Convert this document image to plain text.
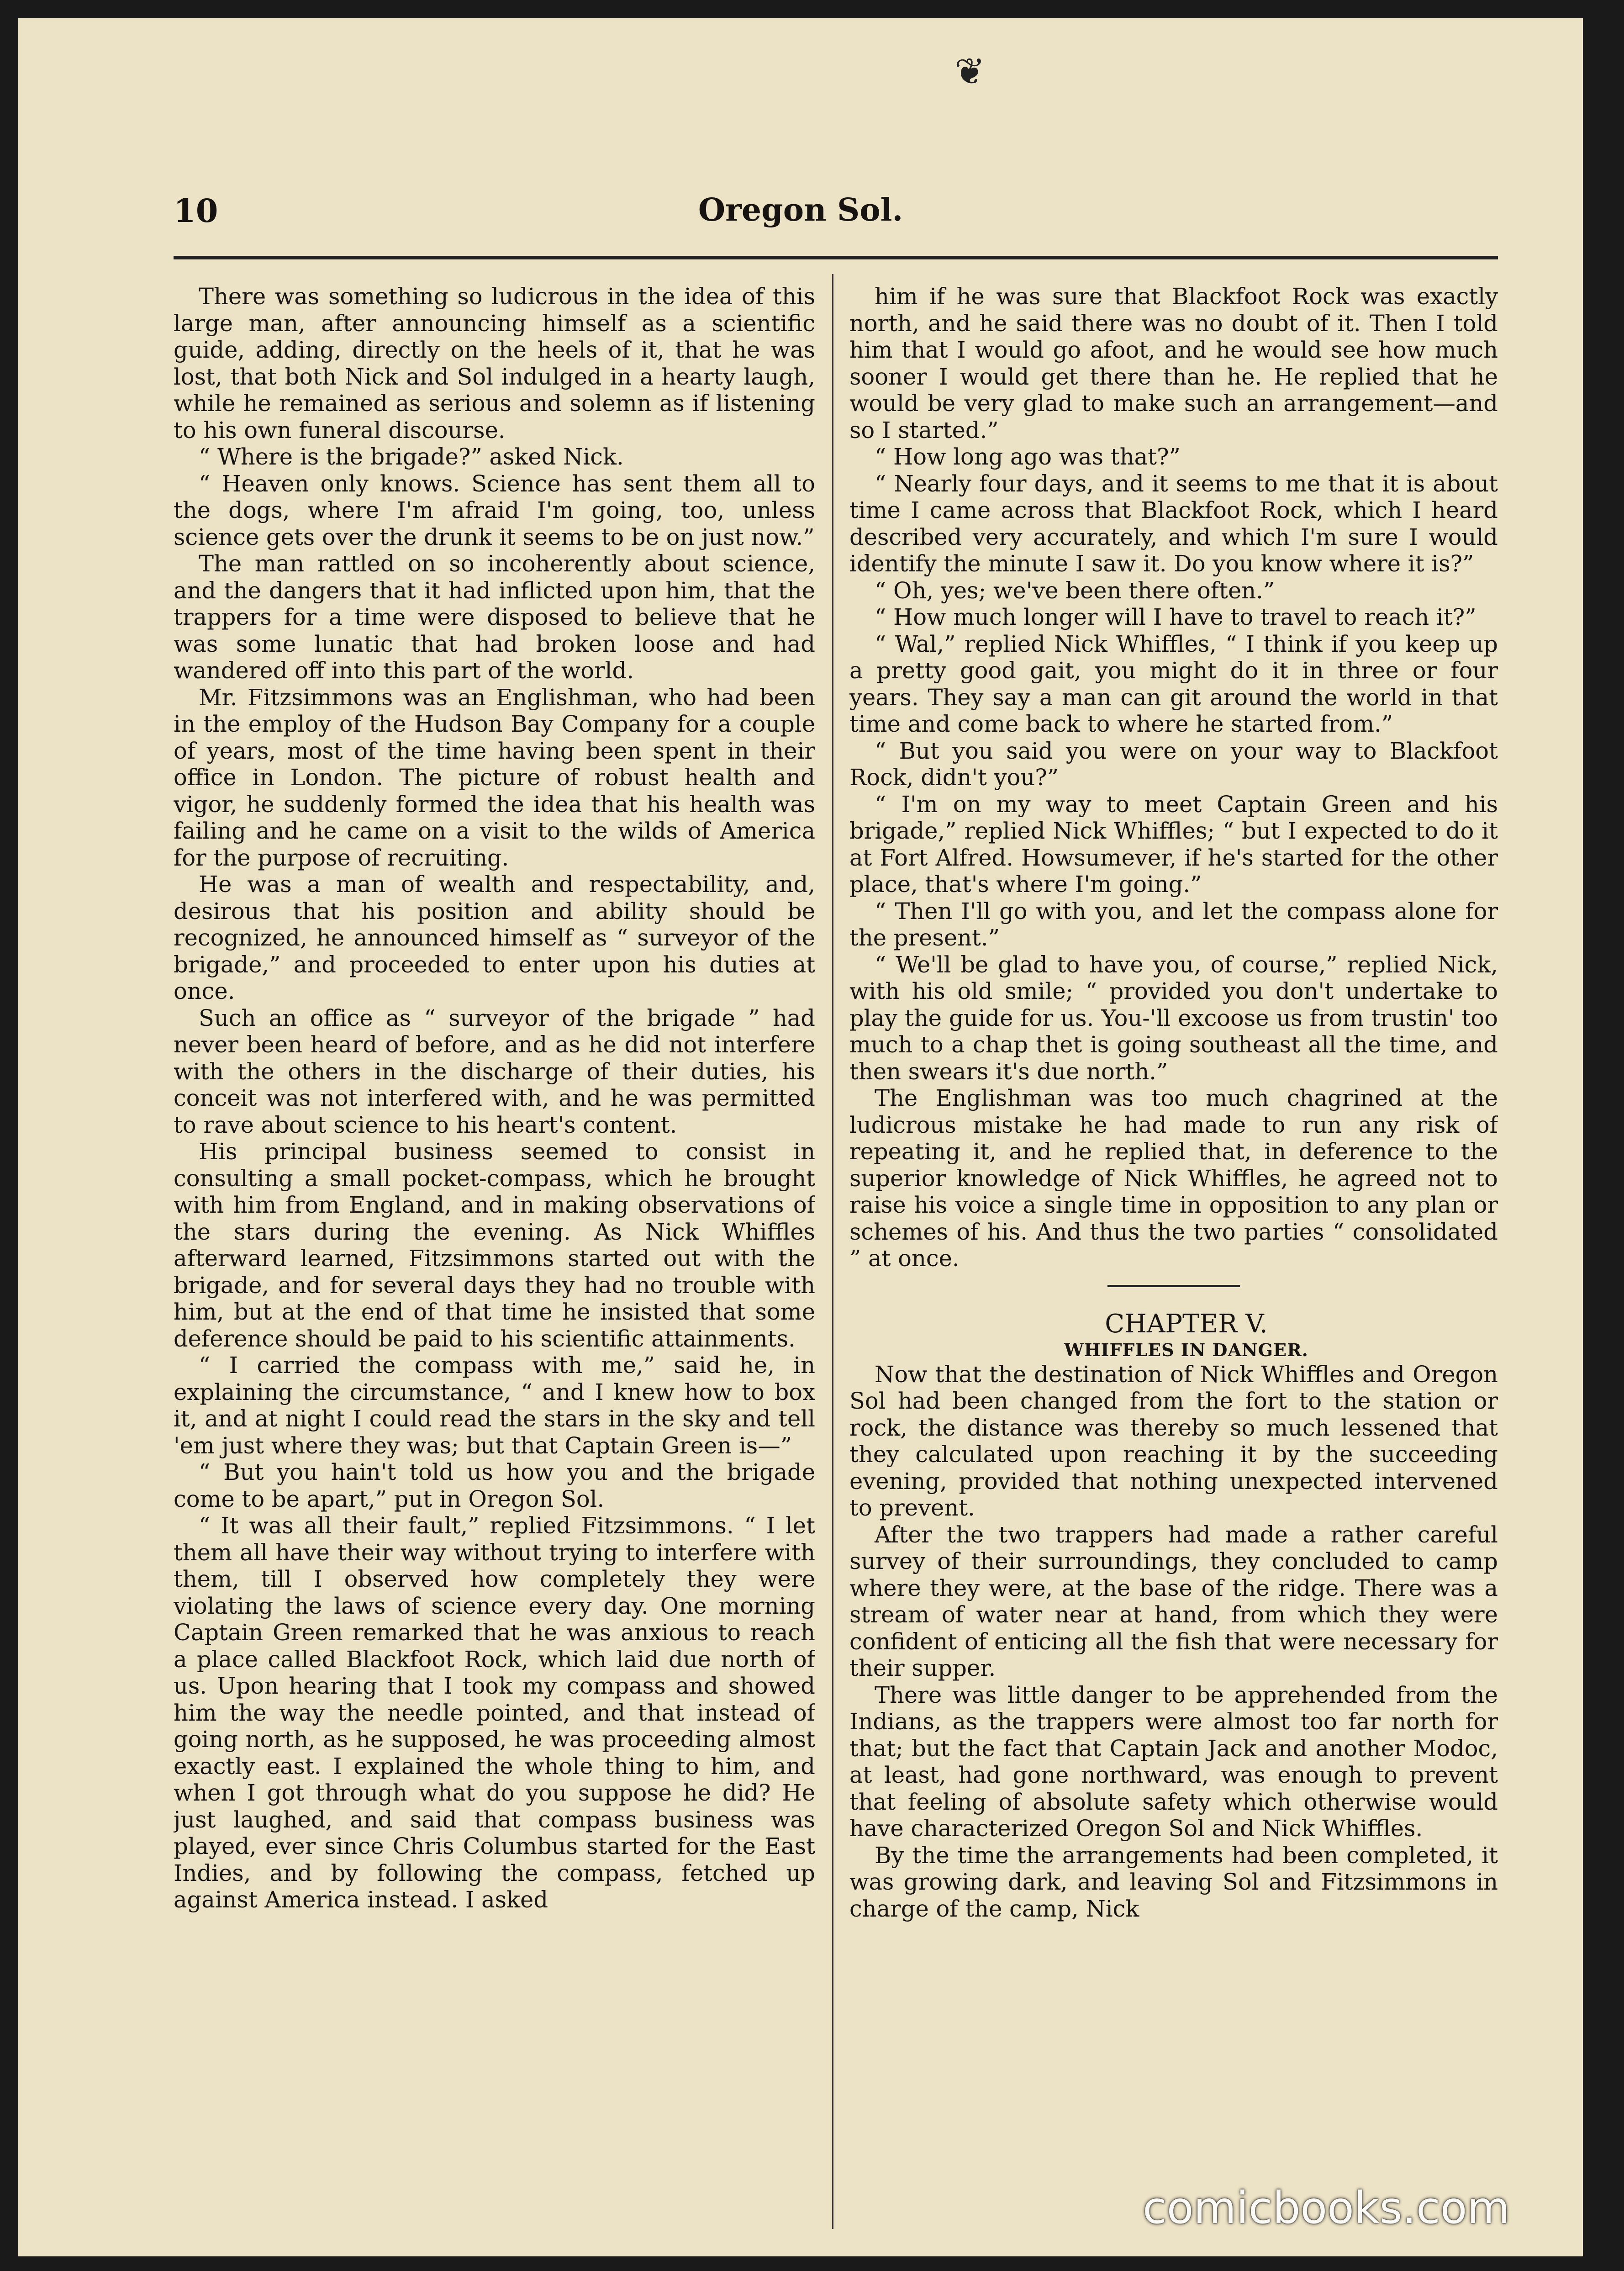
❦
10	Oregon Sol.

There was something so ludicrous in the idea of this large man, after announcing himself as a scientific guide, adding, directly on the heels of it, that he was lost, that both Nick and Sol indulged in a hearty laugh, while he remained as serious and solemn as if listening to his own funeral discourse.

“ Where is the brigade?” asked Nick.

“ Heaven only knows. Science has sent them all to the dogs, where I'm afraid I'm going, too, unless science gets over the drunk it seems to be on just now.”

The man rattled on so incoherently about science, and the dangers that it had inflicted upon him, that the trappers for a time were disposed to believe that he was some lunatic that had broken loose and had wandered off into this part of the world.

Mr. Fitzsimmons was an Englishman, who had been in the employ of the Hudson Bay Company for a couple of years, most of the time having been spent in their office in London. The picture of robust health and vigor, he suddenly formed the idea that his health was failing and he came on a visit to the wilds of America for the purpose of recruiting.

He was a man of wealth and respectability, and, desirous that his position and ability should be recognized, he announced himself as “ surveyor of the brigade,” and proceeded to enter upon his duties at once.

Such an office as “ surveyor of the brigade ” had never been heard of before, and as he did not interfere with the others in the discharge of their duties, his conceit was not interfered with, and he was permitted to rave about science to his heart's content.

His principal business seemed to consist in consulting a small pocket-compass, which he brought with him from England, and in making observations of the stars during the evening. As Nick Whiffles afterward learned, Fitzsimmons started out with the brigade, and for several days they had no trouble with him, but at the end of that time he insisted that some deference should be paid to his scientific attainments.

“ I carried the compass with me,” said he, in explaining the circumstance, “ and I knew how to box it, and at night I could read the stars in the sky and tell 'em just where they was; but that Captain Green is—”

“ But you hain't told us how you and the brigade come to be apart,” put in Oregon Sol.

“ It was all their fault,” replied Fitzsimmons. “ I let them all have their way without trying to interfere with them, till I observed how completely they were violating the laws of science every day. One morning Captain Green remarked that he was anxious to reach a place called Blackfoot Rock, which laid due north of us. Upon hearing that I took my compass and showed him the way the needle pointed, and that instead of going north, as he supposed, he was proceeding almost exactly east. I explained the whole thing to him, and when I got through what do you suppose he did? He just laughed, and said that compass business was played, ever since Chris Columbus started for the East Indies, and by following the compass, fetched up against America instead. I asked

him if he was sure that Blackfoot Rock was exactly north, and he said there was no doubt of it. Then I told him that I would go afoot, and he would see how much sooner I would get there than he. He replied that he would be very glad to make such an arrangement—and so I started.”

“ How long ago was that?”

“ Nearly four days, and it seems to me that it is about time I came across that Blackfoot Rock, which I heard described very accurately, and which I'm sure I would identify the minute I saw it. Do you know where it is?”

“ Oh, yes; we've been there often.”

“ How much longer will I have to travel to reach it?”

“ Wal,” replied Nick Whiffles, “ I think if you keep up a pretty good gait, you might do it in three or four years. They say a man can git around the world in that time and come back to where he started from.”

“ But you said you were on your way to Blackfoot Rock, didn't you?”

“ I'm on my way to meet Captain Green and his brigade,” replied Nick Whiffles; “ but I expected to do it at Fort Alfred. Howsumever, if he's started for the other place, that's where I'm going.”

“ Then I'll go with you, and let the compass alone for the present.”

“ We'll be glad to have you, of course,” replied Nick, with his old smile; “ provided you don't undertake to play the guide for us. You-'ll excoose us from trustin' too much to a chap thet is going southeast all the time, and then swears it's due north.”

The Englishman was too much chagrined at the ludicrous mistake he had made to run any risk of repeating it, and he replied that, in deference to the superior knowledge of Nick Whiffles, he agreed not to raise his voice a single time in opposition to any plan or schemes of his. And thus the two parties “ consolidated ” at once.

CHAPTER V.

WHIFFLES IN DANGER.

Now that the destination of Nick Whiffles and Oregon Sol had been changed from the fort to the station or rock, the distance was thereby so much lessened that they calculated upon reaching it by the succeeding evening, provided that nothing unexpected intervened to prevent.

After the two trappers had made a rather careful survey of their surroundings, they concluded to camp where they were, at the base of the ridge. There was a stream of water near at hand, from which they were confident of enticing all the fish that were necessary for their supper.

There was little danger to be apprehended from the Indians, as the trappers were almost too far north for that; but the fact that Captain Jack and another Modoc, at least, had gone northward, was enough to prevent that feeling of absolute safety which otherwise would have characterized Oregon Sol and Nick Whiffles.

By the time the arrangements had been completed, it was growing dark, and leaving Sol and Fitzsimmons in charge of the camp, Nick

comicbooks.com
